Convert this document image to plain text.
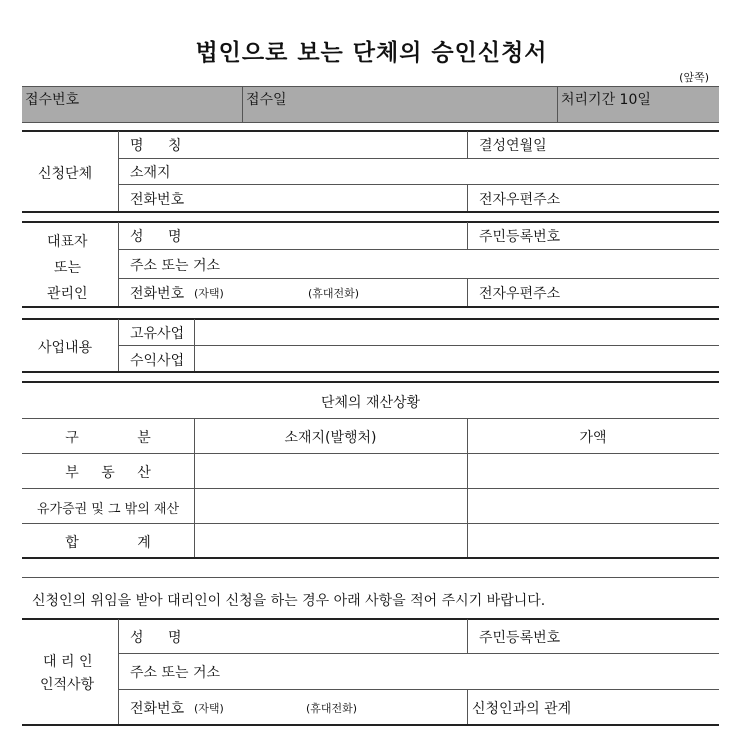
법인으로 보는 단체의 승인신청서
(앞쪽)
접수번호	접수일	처리기간 10일
신청단체
명 칭	결성연월일
소재지
전화번호	전자우편주소
대표자
또는
관리인
성 명	주민등록번호
주소 또는 거소
전화번호 (자택)	(휴대전화)	전자우편주소
사업내용
고유사업
수익사업
단체의 재산상황
구 분	소재지(발행처)	가액
부 동 산
유가증권 및 그 밖의 재산
합 계
신청인의 위임을 받아 대리인이 신청을 하는 경우 아래 사항을 적어 주시기 바랍니다.
대 리 인
인적사항
성 명	주민등록번호
주소 또는 거소
전화번호 (자택)	(휴대전화)	신청인과의 관계
